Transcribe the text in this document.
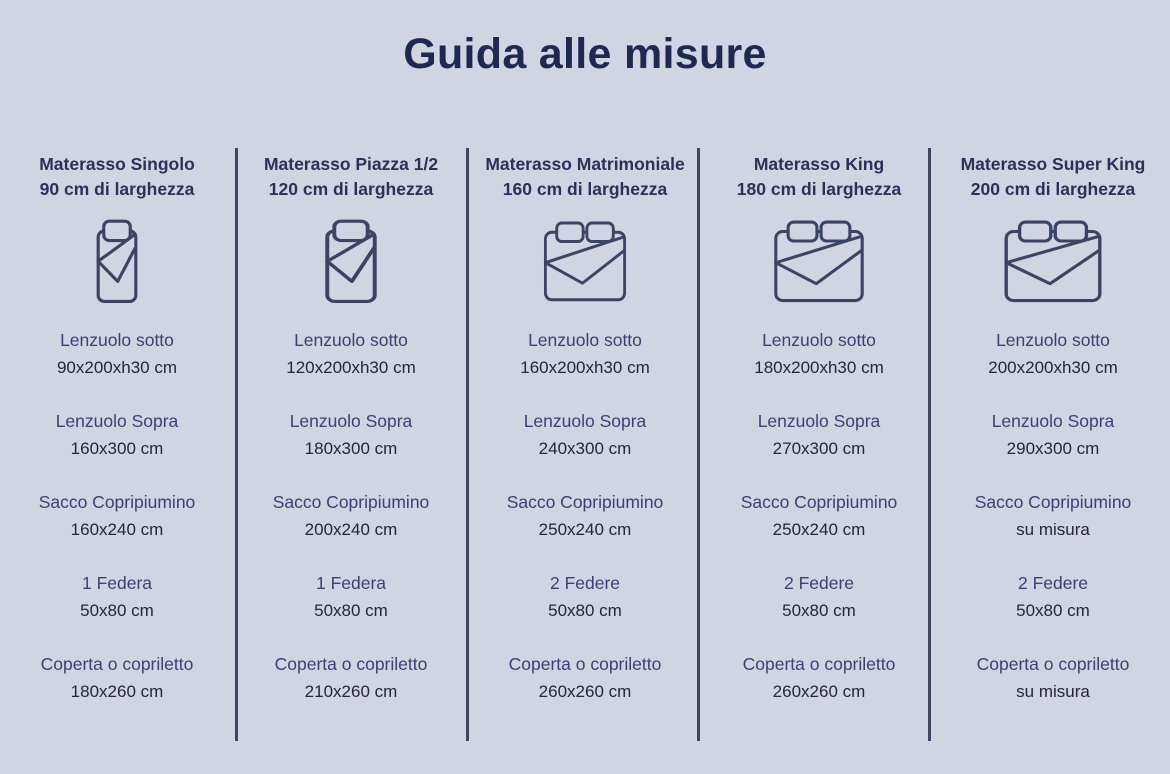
Guida alle misure
Materasso Singolo
90 cm di larghezza
Lenzuolo sotto
90x200xh30 cm
Lenzuolo Sopra
160x300 cm
Sacco Copripiumino
160x240 cm
1 Federa
50x80 cm
Coperta o copriletto
180x260 cm
Materasso Piazza 1/2
120 cm di larghezza
Lenzuolo sotto
120x200xh30 cm
Lenzuolo Sopra
180x300 cm
Sacco Copripiumino
200x240 cm
1 Federa
50x80 cm
Coperta o copriletto
210x260 cm
Materasso Matrimoniale
160 cm di larghezza
Lenzuolo sotto
160x200xh30 cm
Lenzuolo Sopra
240x300 cm
Sacco Copripiumino
250x240 cm
2 Federe
50x80 cm
Coperta o copriletto
260x260 cm
Materasso King
180 cm di larghezza
Lenzuolo sotto
180x200xh30 cm
Lenzuolo Sopra
270x300 cm
Sacco Copripiumino
250x240 cm
2 Federe
50x80 cm
Coperta o copriletto
260x260 cm
Materasso Super King
200 cm di larghezza
Lenzuolo sotto
200x200xh30 cm
Lenzuolo Sopra
290x300 cm
Sacco Copripiumino
su misura
2 Federe
50x80 cm
Coperta o copriletto
su misura
